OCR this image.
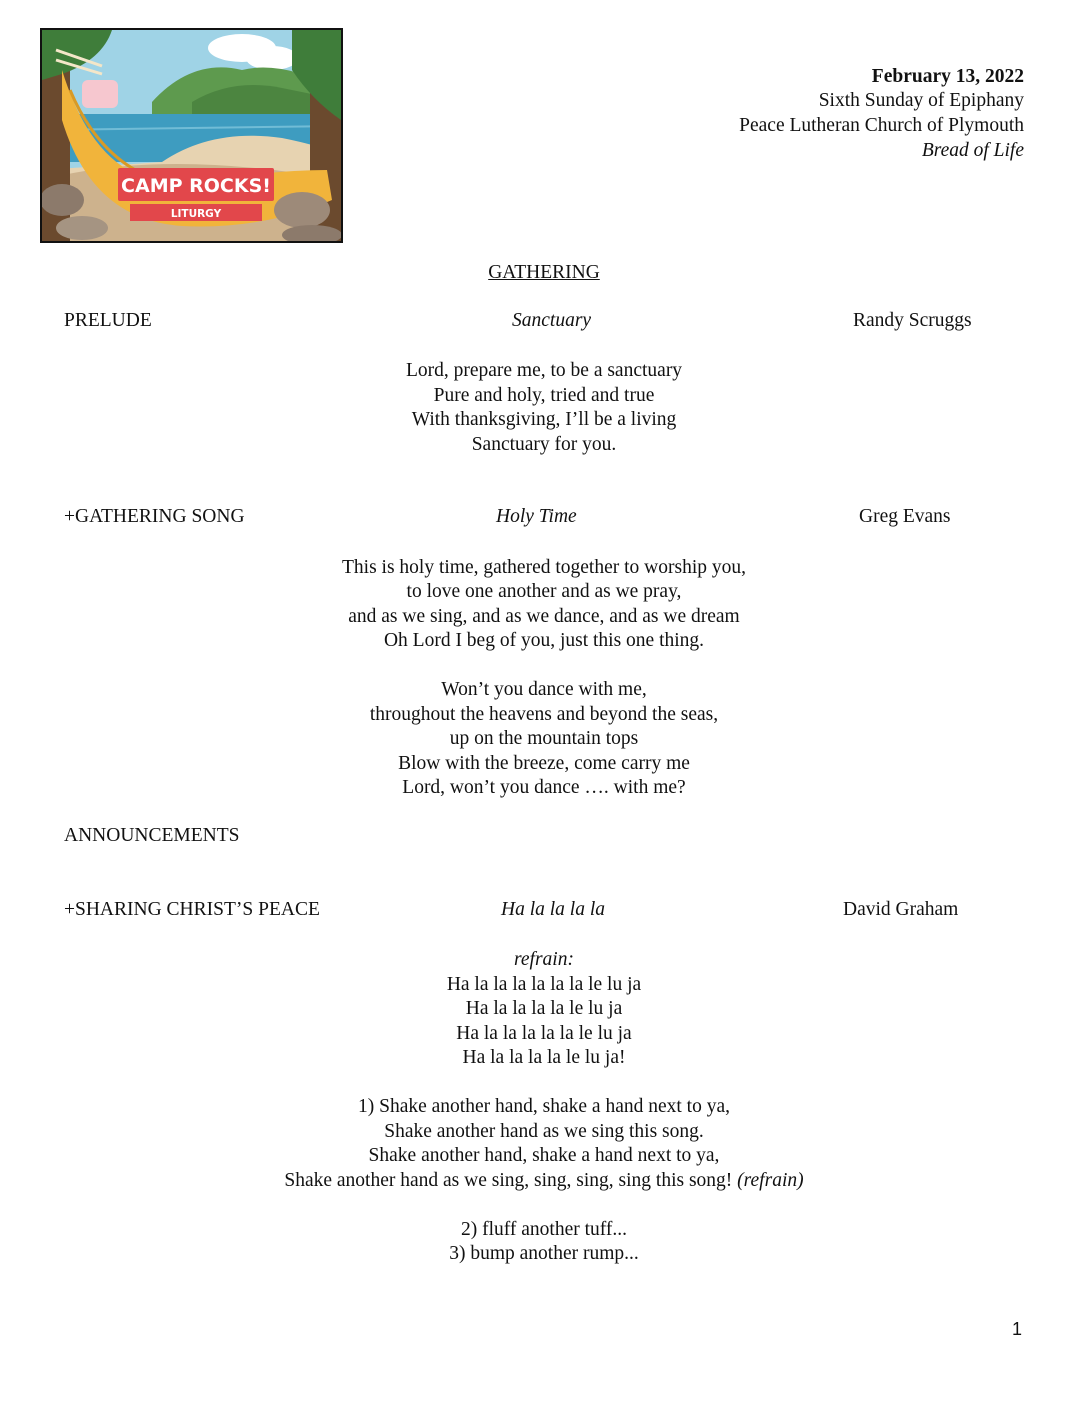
CAMP ROCKS!
LITURGY
February 13, 2022
Sixth Sunday of Epiphany
Peace Lutheran Church of Plymouth
Bread of Life
GATHERING
PRELUDE	Sanctuary	Randy Scruggs
Lord, prepare me, to be a sanctuary
Pure and holy, tried and true
With thanksgiving, I’ll be a living
Sanctuary for you.
+GATHERING SONG	Holy Time	Greg Evans
This is holy time, gathered together to worship you,
to love one another and as we pray,
and as we sing, and as we dance, and as we dream
Oh Lord I beg of you, just this one thing.
Won’t you dance with me,
throughout the heavens and beyond the seas,
up on the mountain tops
Blow with the breeze, come carry me
Lord, won’t you dance …. with me?
ANNOUNCEMENTS
+SHARING CHRIST’S PEACE	Ha la la la la	David Graham
refrain:
Ha la la la la la la le lu ja
Ha la la la la le lu ja
Ha la la la la la le lu ja
Ha la la la la le lu ja!
1) Shake another hand, shake a hand next to ya,
Shake another hand as we sing this song.
Shake another hand, shake a hand next to ya,
Shake another hand as we sing, sing, sing, sing this song! (refrain)
2) fluff another tuff...
3) bump another rump...
1
